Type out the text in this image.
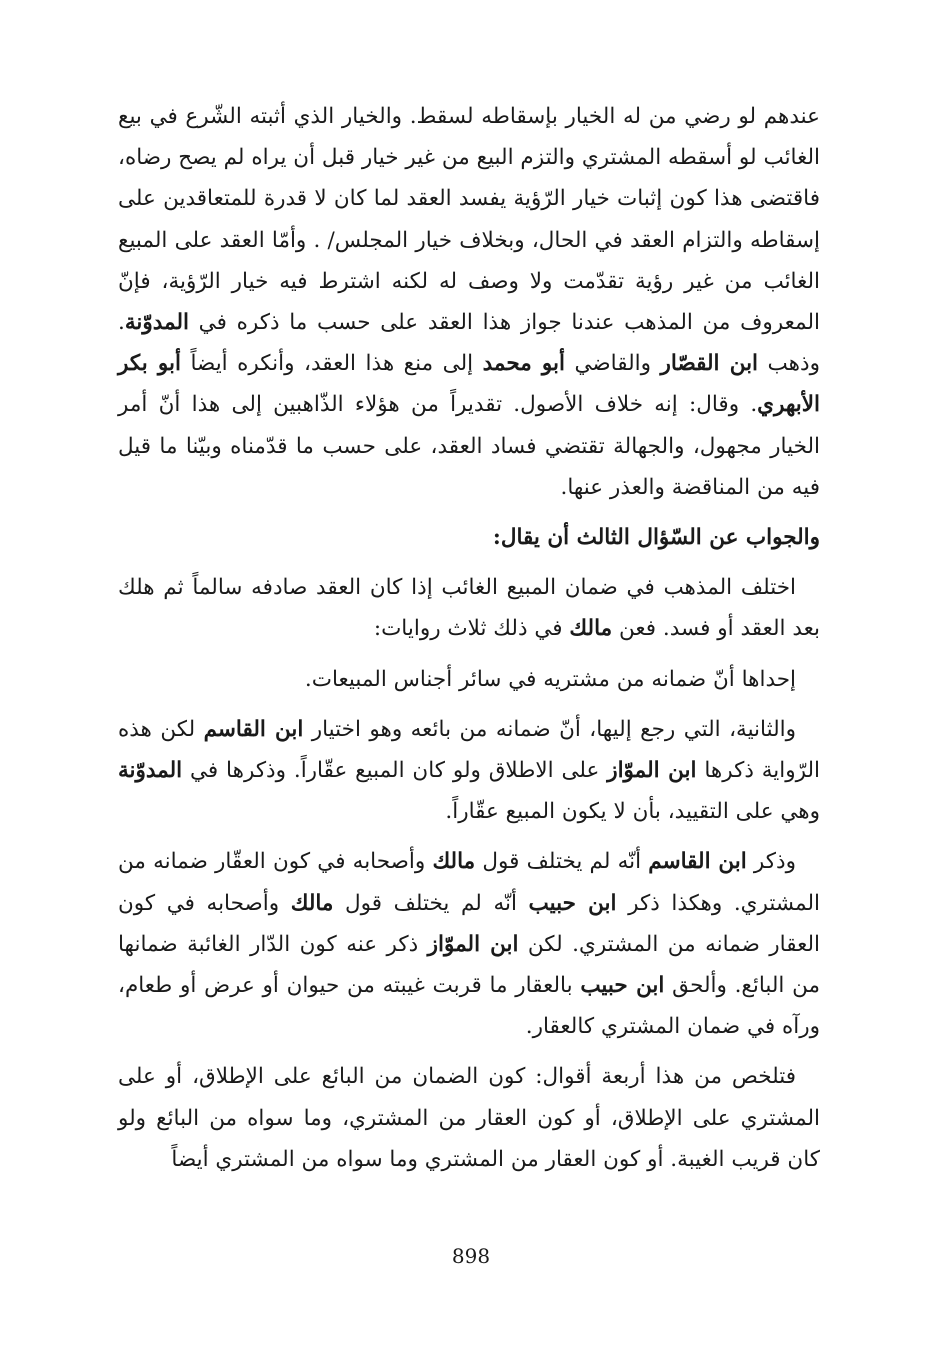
عندهم لو رضي من له الخيار بإسقاطه لسقط. والخيار الذي أثبته الشّرع في بيع الغائب لو أسقطه المشتري والتزم البيع من غير خيار قبل أن يراه لم يصح رضاه، فاقتضى هذا كون إثبات خيار الرّؤية يفسد العقد لما كان لا قدرة للمتعاقدين على إسقاطه والتزام العقد في الحال، وبخلاف خيار المجلس/ . وأمّا العقد على المبيع الغائب من غير رؤية تقدّمت ولا وصف له لكنه اشترط فيه خيار الرّؤية، فإنّ المعروف من المذهب عندنا جواز هذا العقد على حسب ما ذكره في المدوّنة. وذهب ابن القصّار والقاضي أبو محمد إلى منع هذا العقد، وأنكره أيضاً أبو بكر الأبهري. وقال: إنه خلاف الأصول. تقديراً من هؤلاء الذّاهبين إلى هذا أنّ أمر الخيار مجهول، والجهالة تقتضي فساد العقد، على حسب ما قدّمناه وبيّنا ما قيل فيه من المناقضة والعذر عنها.

والجواب عن السّؤال الثالث أن يقال:

اختلف المذهب في ضمان المبيع الغائب إذا كان العقد صادفه سالماً ثم هلك بعد العقد أو فسد. فعن مالك في ذلك ثلاث روايات:

إحداها أنّ ضمانه من مشتريه في سائر أجناس المبيعات.

والثانية، التي رجع إليها، أنّ ضمانه من بائعه وهو اختيار ابن القاسم لكن هذه الرّواية ذكرها ابن الموّاز على الاطلاق ولو كان المبيع عقّاراً. وذكرها في المدوّنة وهي على التقييد، بأن لا يكون المبيع عقّاراً.

وذكر ابن القاسم أنّه لم يختلف قول مالك وأصحابه في كون العقّار ضمانه من المشتري. وهكذا ذكر ابن حبيب أنّه لم يختلف قول مالك وأصحابه في كون العقار ضمانه من المشتري. لكن ابن الموّاز ذكر عنه كون الدّار الغائبة ضمانها من البائع. وألحق ابن حبيب بالعقار ما قربت غيبته من حيوان أو عرض أو طعام، ورآه في ضمان المشتري كالعقار.

فتلخص من هذا أربعة أقوال: كون الضمان من البائع على الإطلاق، أو على المشتري على الإطلاق، أو كون العقار من المشتري، وما سواه من البائع ولو كان قريب الغيبة. أو كون العقار من المشتري وما سواه من المشتري أيضاً

898
